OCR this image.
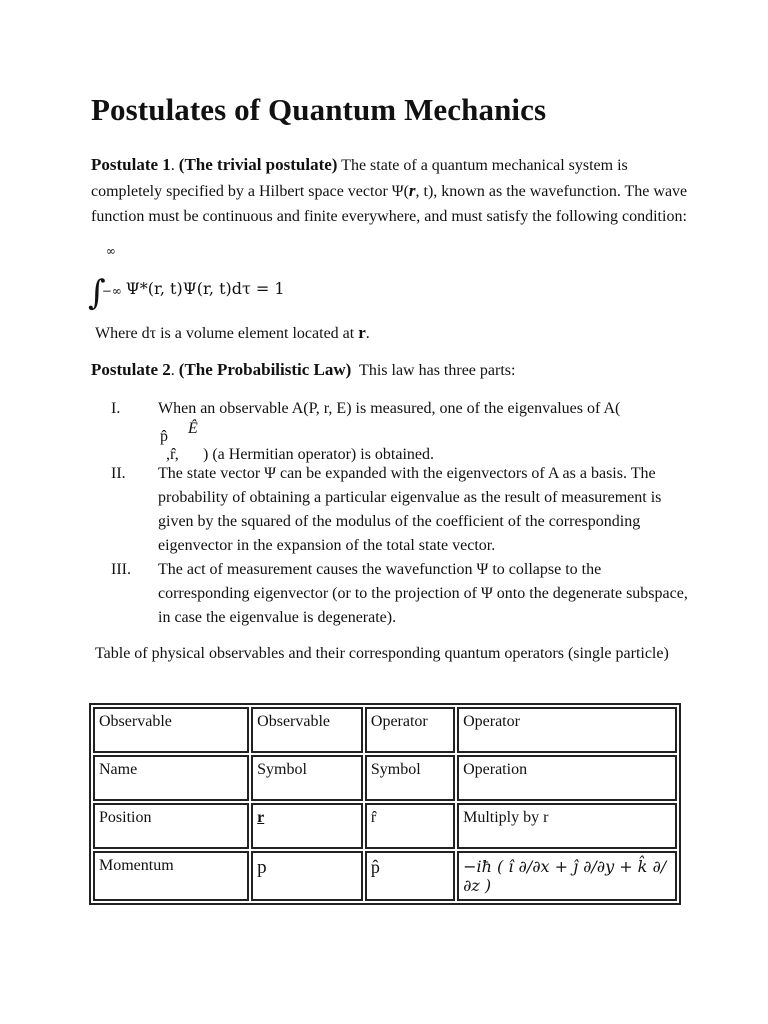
Postulates of Quantum Mechanics
Postulate 1. (The trivial postulate) The state of a quantum mechanical system is completely specified by a Hilbert space vector Ψ(r, t), known as the wavefunction. The wave function must be continuous and finite everywhere, and must satisfy the following condition:
∫
∞
−∞ Ψ*(r, t)Ψ(r, t)dτ = 1
Where dτ is a volume element located at r.
Postulate 2. (The Probabilistic Law) This law has three parts:
I. When an observable A(P, r, E) is measured, one of the eigenvalues of A(
p̂ Ê
,r̂, ) (a Hermitian operator) is obtained.
II. The state vector Ψ can be expanded with the eigenvectors of A as a basis. The probability of obtaining a particular eigenvalue as the result of measurement is given by the squared of the modulus of the coefficient of the corresponding eigenvector in the expansion of the total state vector.
III. The act of measurement causes the wavefunction Ψ to collapse to the corresponding eigenvector (or to the projection of Ψ onto the degenerate subspace, in case the eigenvalue is degenerate).
Table of physical observables and their corresponding quantum operators (single particle)
Observable	Observable	Operator	Operator
Name	Symbol	Symbol	Operation
Position	r	r̂	Multiply by r
Momentum	p	p̂	−iħ ( î ∂/∂x + ĵ ∂/∂y + k̂ ∂/∂z )
